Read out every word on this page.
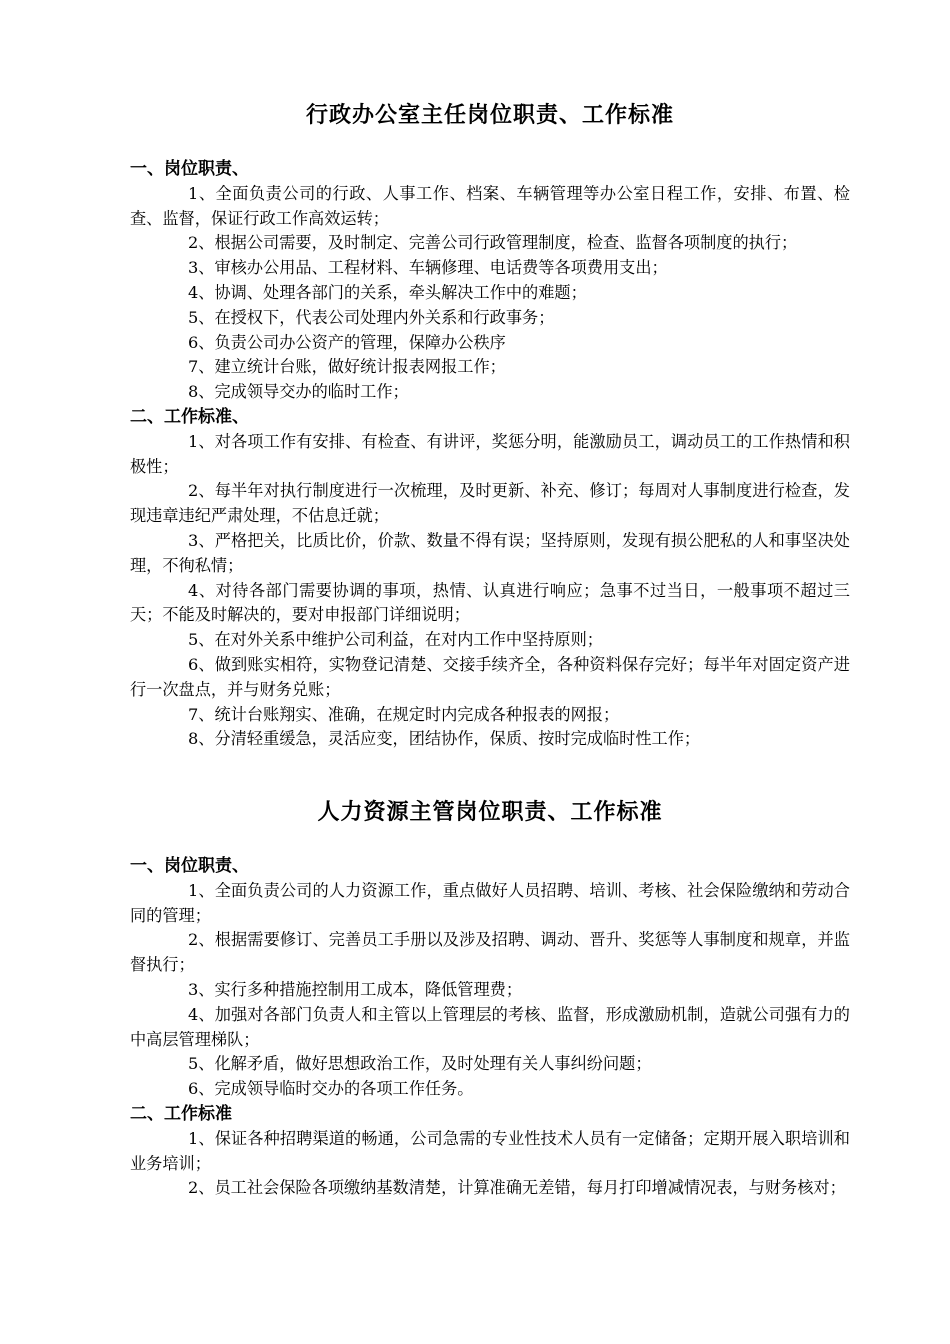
行政办公室主任岗位职责、工作标准
一、岗位职责、

1、全面负责公司的行政、人事工作、档案、车辆管理等办公室日程工作，安排、布置、检查、监督，保证行政工作高效运转；

2、根据公司需要，及时制定、完善公司行政管理制度，检查、监督各项制度的执行；

3、审核办公用品、工程材料、车辆修理、电话费等各项费用支出；

4、协调、处理各部门的关系，牵头解决工作中的难题；

5、在授权下，代表公司处理内外关系和行政事务；

6、负责公司办公资产的管理，保障办公秩序

7、建立统计台账，做好统计报表网报工作；

8、完成领导交办的临时工作；

二、工作标准、

1、对各项工作有安排、有检查、有讲评，奖惩分明，能激励员工，调动员工的工作热情和积极性；

2、每半年对执行制度进行一次梳理，及时更新、补充、修订；每周对人事制度进行检查，发现违章违纪严肃处理，不估息迁就；

3、严格把关，比质比价，价款、数量不得有误；坚持原则，发现有损公肥私的人和事坚决处理，不徇私情；

4、对待各部门需要协调的事项，热情、认真进行响应；急事不过当日，一般事项不超过三天；不能及时解决的，要对申报部门详细说明；

5、在对外关系中维护公司利益，在对内工作中坚持原则；

6、做到账实相符，实物登记清楚、交接手续齐全，各种资料保存完好；每半年对固定资产进行一次盘点，并与财务兑账；

7、统计台账翔实、准确，在规定时内完成各种报表的网报；

8、分清轻重缓急，灵活应变，团结协作，保质、按时完成临时性工作；

人力资源主管岗位职责、工作标准
一、岗位职责、

1、全面负责公司的人力资源工作，重点做好人员招聘、培训、考核、社会保险缴纳和劳动合同的管理；

2、根据需要修订、完善员工手册以及涉及招聘、调动、晋升、奖惩等人事制度和规章，并监督执行；

3、实行多种措施控制用工成本，降低管理费；

4、加强对各部门负责人和主管以上管理层的考核、监督，形成激励机制，造就公司强有力的中高层管理梯队；

5、化解矛盾，做好思想政治工作，及时处理有关人事纠纷问题；

6、完成领导临时交办的各项工作任务。

二、工作标准

1、保证各种招聘渠道的畅通，公司急需的专业性技术人员有一定储备；定期开展入职培训和业务培训；

2、员工社会保险各项缴纳基数清楚，计算准确无差错，每月打印增减情况表，与财务核对；
